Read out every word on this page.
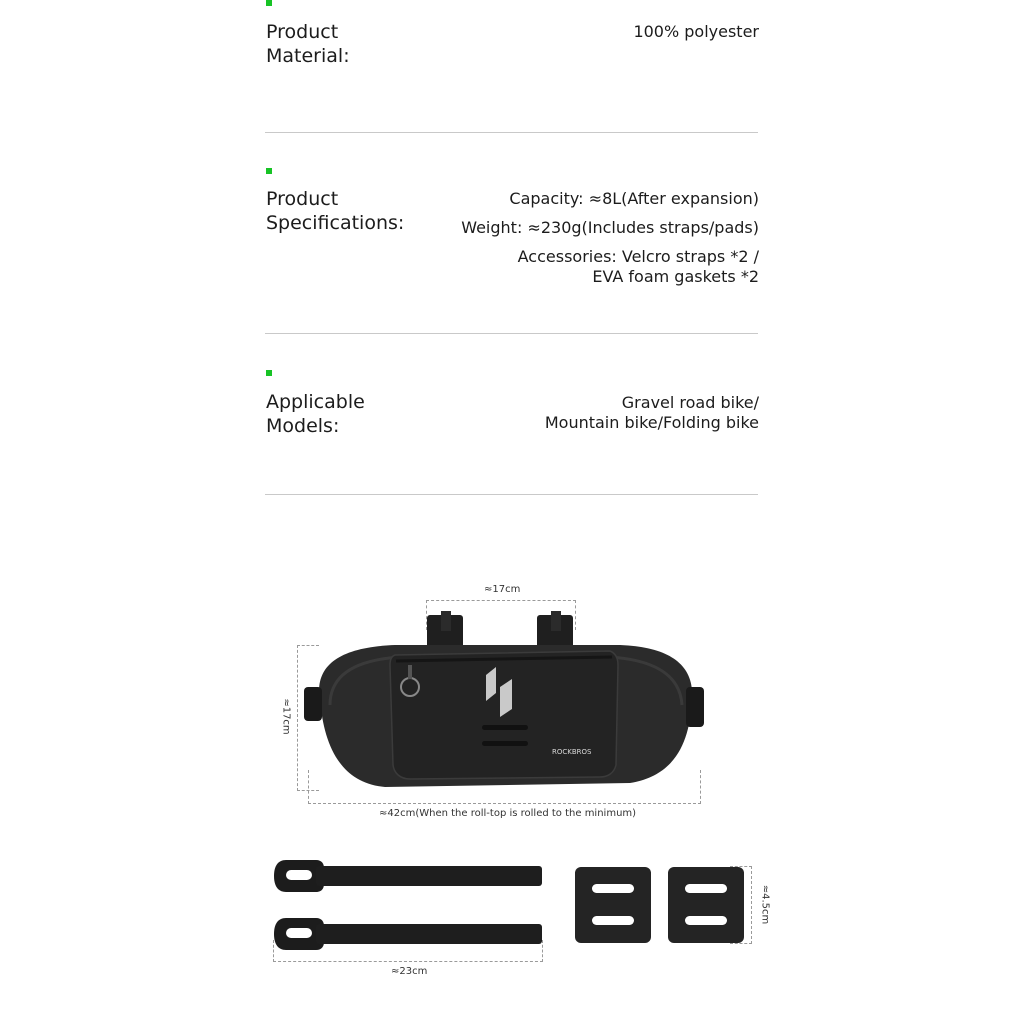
Product
Material:
100% polyester
Product
Specifications:
Capacity: ≈8L(After expansion)
Weight: ≈230g(Includes straps/pads)
Accessories: Velcro straps *2 /
EVA foam gaskets *2
Applicable
Models:
Gravel road bike/
Mountain bike/Folding bike
≈17cm
≈17cm
≈42cm(When the roll-top is rolled to the minimum)
ROCKBROS
≈23cm
≈4.5cm
